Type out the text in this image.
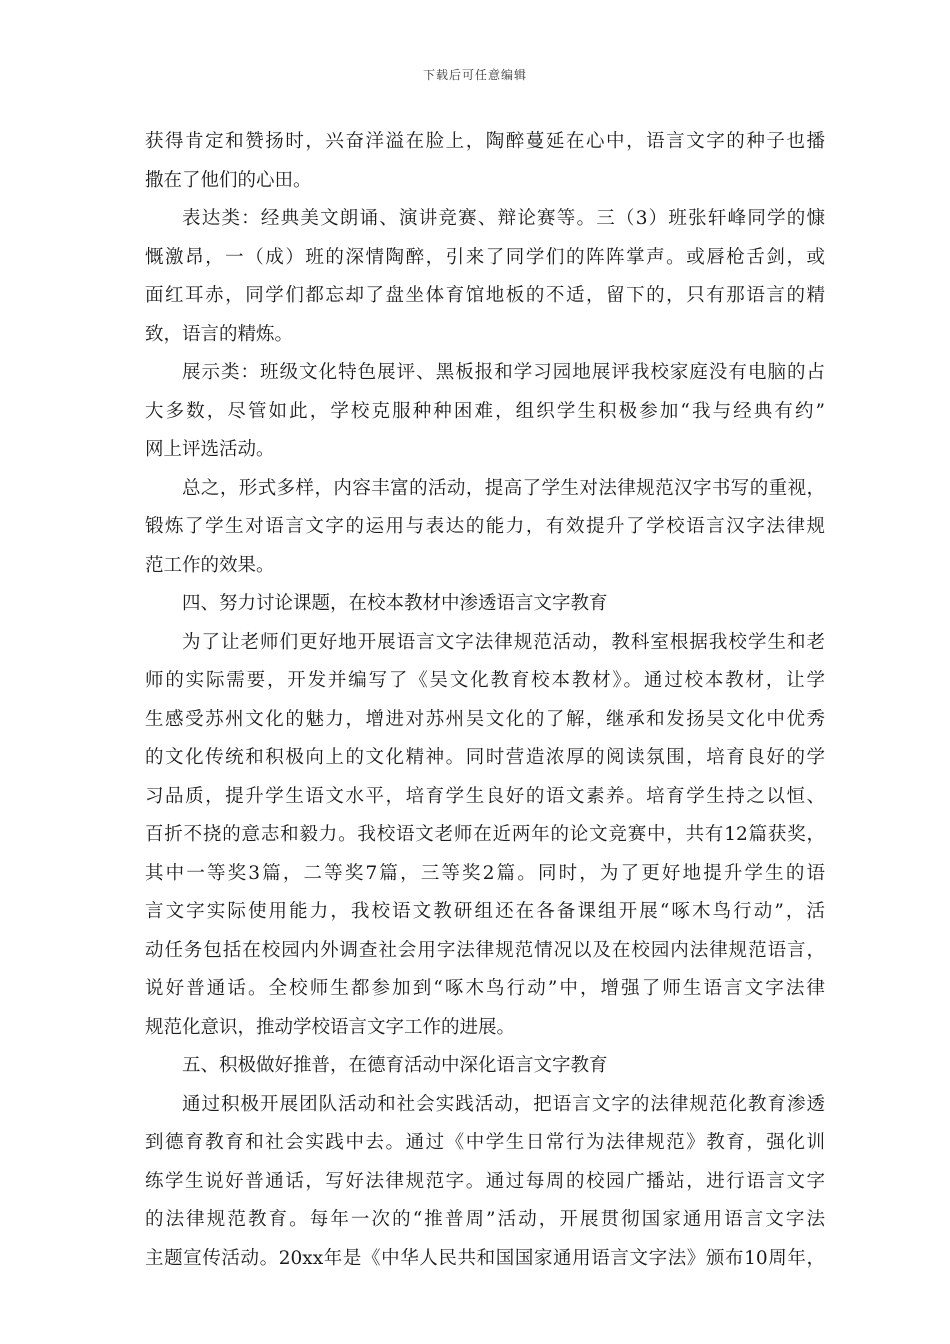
下载后可任意编辑
获得肯定和赞扬时，兴奋洋溢在脸上，陶醉蔓延在心中，语言文字的种子也播
撒在了他们的心田。
表达类：经典美文朗诵、演讲竞赛、辩论赛等。三（3）班张轩峰同学的慷
慨激昂，一（成）班的深情陶醉，引来了同学们的阵阵掌声。或唇枪舌剑，或
面红耳赤，同学们都忘却了盘坐体育馆地板的不适，留下的，只有那语言的精
致，语言的精炼。
展示类：班级文化特色展评、黑板报和学习园地展评我校家庭没有电脑的占
大多数，尽管如此，学校克服种种困难，组织学生积极参加“我与经典有约”
网上评选活动。
总之，形式多样，内容丰富的活动，提高了学生对法律规范汉字书写的重视，
锻炼了学生对语言文字的运用与表达的能力，有效提升了学校语言汉字法律规
范工作的效果。
四、努力讨论课题，在校本教材中渗透语言文字教育
为了让老师们更好地开展语言文字法律规范活动，教科室根据我校学生和老
师的实际需要，开发并编写了《吴文化教育校本教材》。通过校本教材，让学
生感受苏州文化的魅力，增进对苏州吴文化的了解，继承和发扬吴文化中优秀
的文化传统和积极向上的文化精神。同时营造浓厚的阅读氛围，培育良好的学
习品质，提升学生语文水平，培育学生良好的语文素养。培育学生持之以恒、
百折不挠的意志和毅力。我校语文老师在近两年的论文竞赛中，共有12篇获奖，
其中一等奖3篇，二等奖7篇，三等奖2篇。同时，为了更好地提升学生的语
言文字实际使用能力，我校语文教研组还在各备课组开展“啄木鸟行动”，活
动任务包括在校园内外调查社会用字法律规范情况以及在校园内法律规范语言，
说好普通话。全校师生都参加到“啄木鸟行动”中，增强了师生语言文字法律
规范化意识，推动学校语言文字工作的进展。
五、积极做好推普，在德育活动中深化语言文字教育
通过积极开展团队活动和社会实践活动，把语言文字的法律规范化教育渗透
到德育教育和社会实践中去。通过《中学生日常行为法律规范》教育，强化训
练学生说好普通话，写好法律规范字。通过每周的校园广播站，进行语言文字
的法律规范教育。每年一次的“推普周”活动，开展贯彻国家通用语言文字法
主题宣传活动。20xx年是《中华人民共和国国家通用语言文字法》颁布10周年，
